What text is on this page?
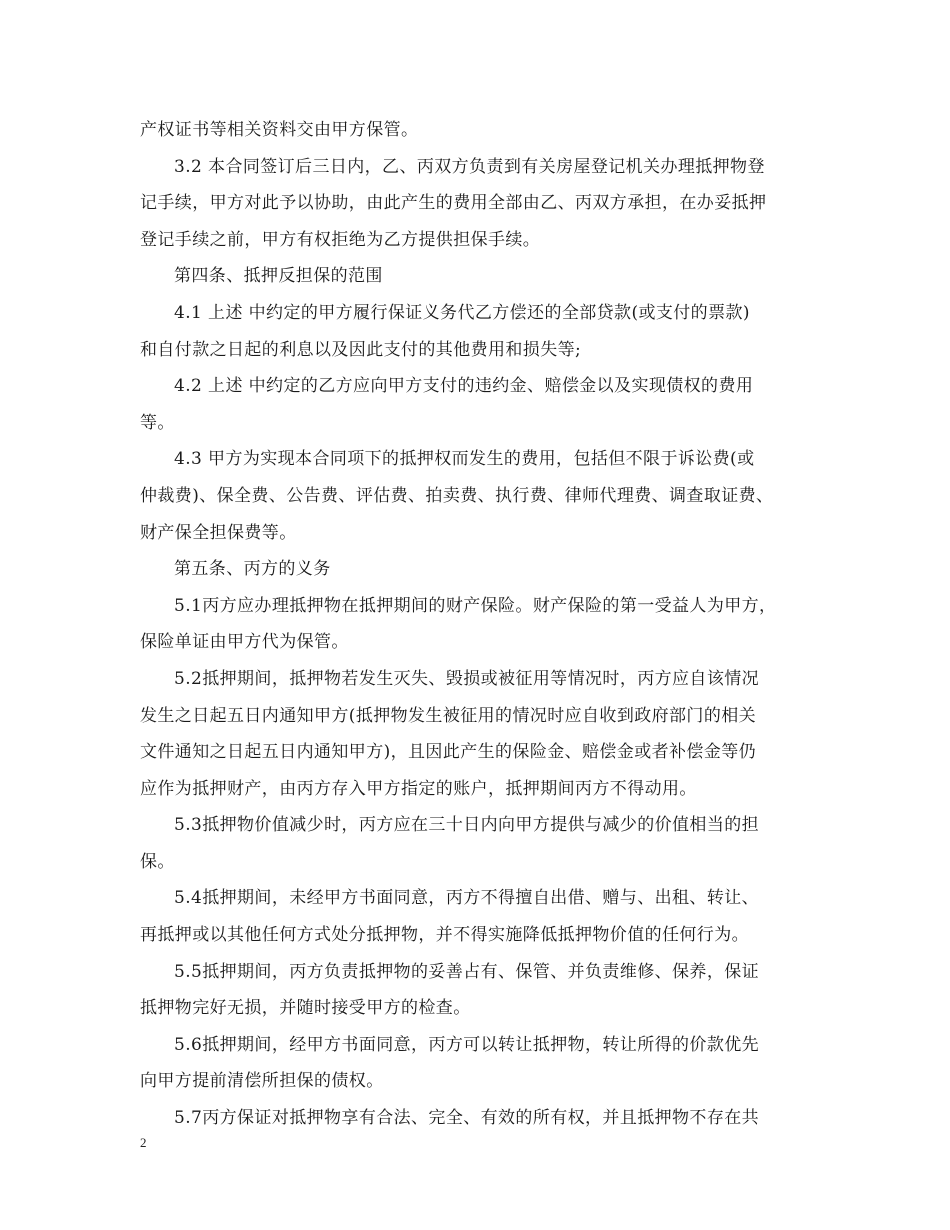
产权证书等相关资料交由甲方保管。
3.2 本合同签订后三日内，乙、丙双方负责到有关房屋登记机关办理抵押物登
记手续，甲方对此予以协助，由此产生的费用全部由乙、丙双方承担，在办妥抵押
登记手续之前，甲方有权拒绝为乙方提供担保手续。
第四条、抵押反担保的范围
4.1 上述 中约定的甲方履行保证义务代乙方偿还的全部贷款(或支付的票款)
和自付款之日起的利息以及因此支付的其他费用和损失等;
4.2 上述 中约定的乙方应向甲方支付的违约金、赔偿金以及实现债权的费用
等。
4.3 甲方为实现本合同项下的抵押权而发生的费用，包括但不限于诉讼费(或
仲裁费)、保全费、公告费、评估费、拍卖费、执行费、律师代理费、调查取证费、
财产保全担保费等。
第五条、丙方的义务
5.1丙方应办理抵押物在抵押期间的财产保险。财产保险的第一受益人为甲方，
保险单证由甲方代为保管。
5.2抵押期间，抵押物若发生灭失、毁损或被征用等情况时，丙方应自该情况
发生之日起五日内通知甲方(抵押物发生被征用的情况时应自收到政府部门的相关
文件通知之日起五日内通知甲方)，且因此产生的保险金、赔偿金或者补偿金等仍
应作为抵押财产，由丙方存入甲方指定的账户，抵押期间丙方不得动用。
5.3抵押物价值减少时，丙方应在三十日内向甲方提供与减少的价值相当的担
保。
5.4抵押期间，未经甲方书面同意，丙方不得擅自出借、赠与、出租、转让、
再抵押或以其他任何方式处分抵押物，并不得实施降低抵押物价值的任何行为。
5.5抵押期间，丙方负责抵押物的妥善占有、保管、并负责维修、保养，保证
抵押物完好无损，并随时接受甲方的检查。
5.6抵押期间，经甲方书面同意，丙方可以转让抵押物，转让所得的价款优先
向甲方提前清偿所担保的债权。
5.7丙方保证对抵押物享有合法、完全、有效的所有权，并且抵押物不存在共
2
